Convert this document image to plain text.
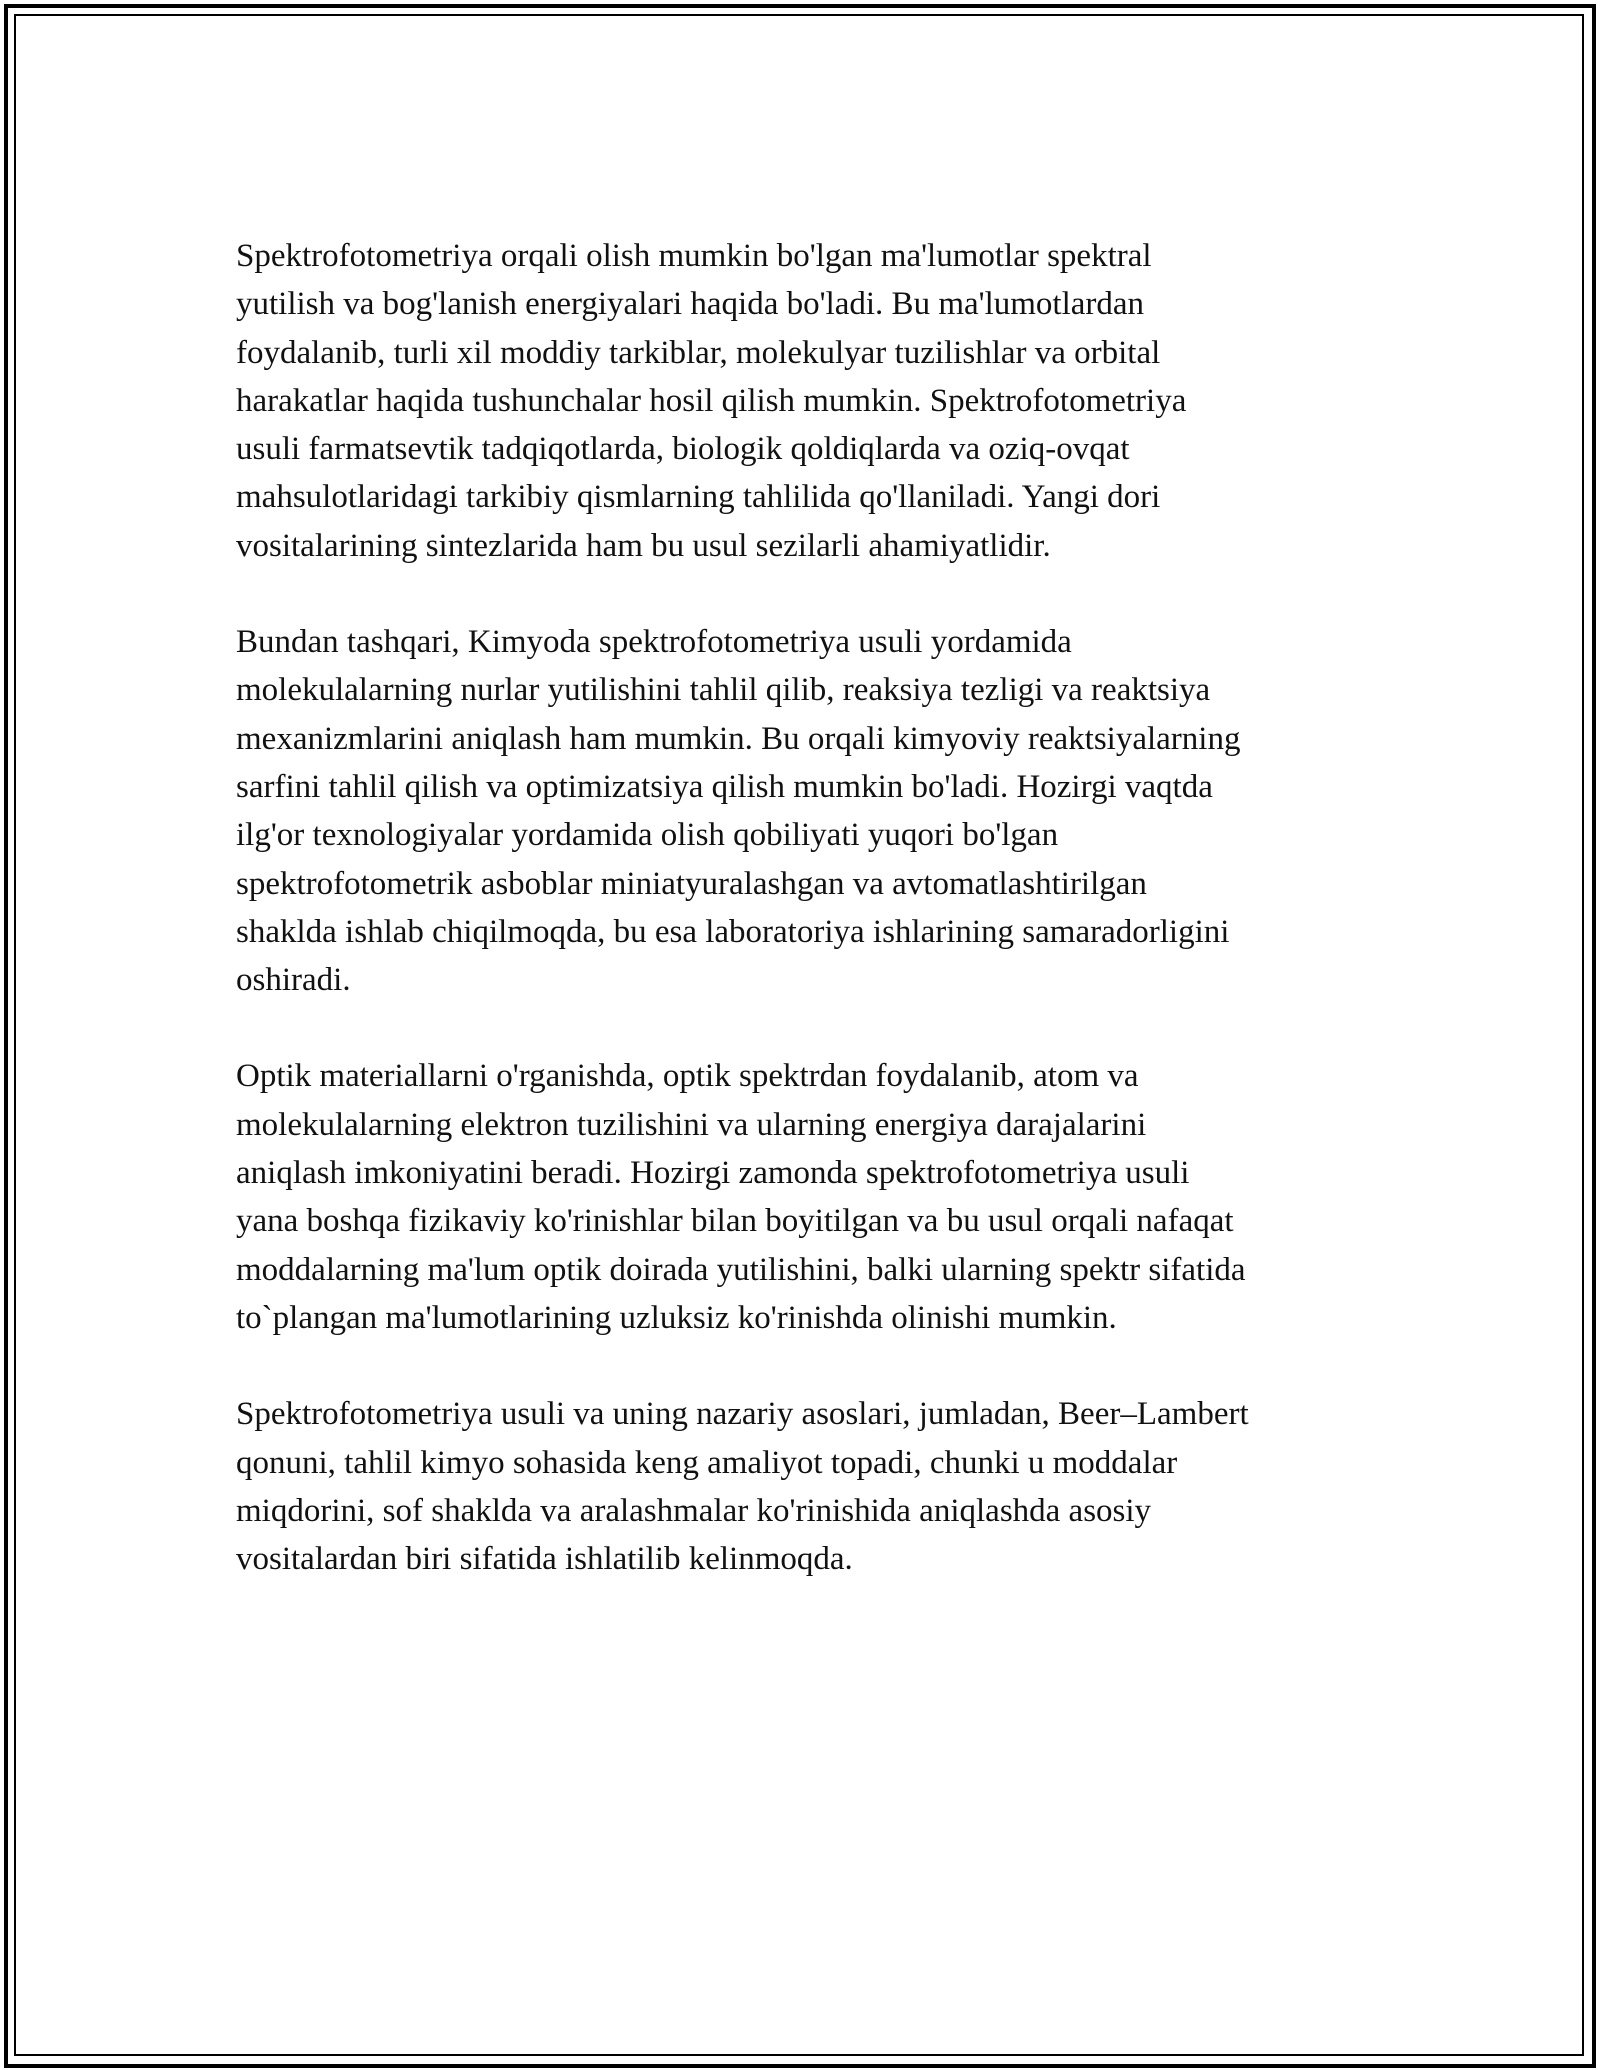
Spektrofotometriya orqali olish mumkin bo'lgan ma'lumotlar spektral
yutilish va bog'lanish energiyalari haqida bo'ladi. Bu ma'lumotlardan
foydalanib, turli xil moddiy tarkiblar, molekulyar tuzilishlar va orbital
harakatlar haqida tushunchalar hosil qilish mumkin. Spektrofotometriya
usuli farmatsevtik tadqiqotlarda, biologik qoldiqlarda va oziq-ovqat
mahsulotlaridagi tarkibiy qismlarning tahlilida qo'llaniladi. Yangi dori
vositalarining sintezlarida ham bu usul sezilarli ahamiyatlidir.

Bundan tashqari, Kimyoda spektrofotometriya usuli yordamida
molekulalarning nurlar yutilishini tahlil qilib, reaksiya tezligi va reaktsiya
mexanizmlarini aniqlash ham mumkin. Bu orqali kimyoviy reaktsiyalarning
sarfini tahlil qilish va optimizatsiya qilish mumkin bo'ladi. Hozirgi vaqtda
ilg'or texnologiyalar yordamida olish qobiliyati yuqori bo'lgan
spektrofotometrik asboblar miniatyuralashgan va avtomatlashtirilgan
shaklda ishlab chiqilmoqda, bu esa laboratoriya ishlarining samaradorligini
oshiradi.

Optik materiallarni o'rganishda, optik spektrdan foydalanib, atom va
molekulalarning elektron tuzilishini va ularning energiya darajalarini
aniqlash imkoniyatini beradi. Hozirgi zamonda spektrofotometriya usuli
yana boshqa fizikaviy ko'rinishlar bilan boyitilgan va bu usul orqali nafaqat
moddalarning ma'lum optik doirada yutilishini, balki ularning spektr sifatida
to`plangan ma'lumotlarining uzluksiz ko'rinishda olinishi mumkin.

Spektrofotometriya usuli va uning nazariy asoslari, jumladan, Beer–Lambert
qonuni, tahlil kimyo sohasida keng amaliyot topadi, chunki u moddalar
miqdorini, sof shaklda va aralashmalar ko'rinishida aniqlashda asosiy
vositalardan biri sifatida ishlatilib kelinmoqda.
